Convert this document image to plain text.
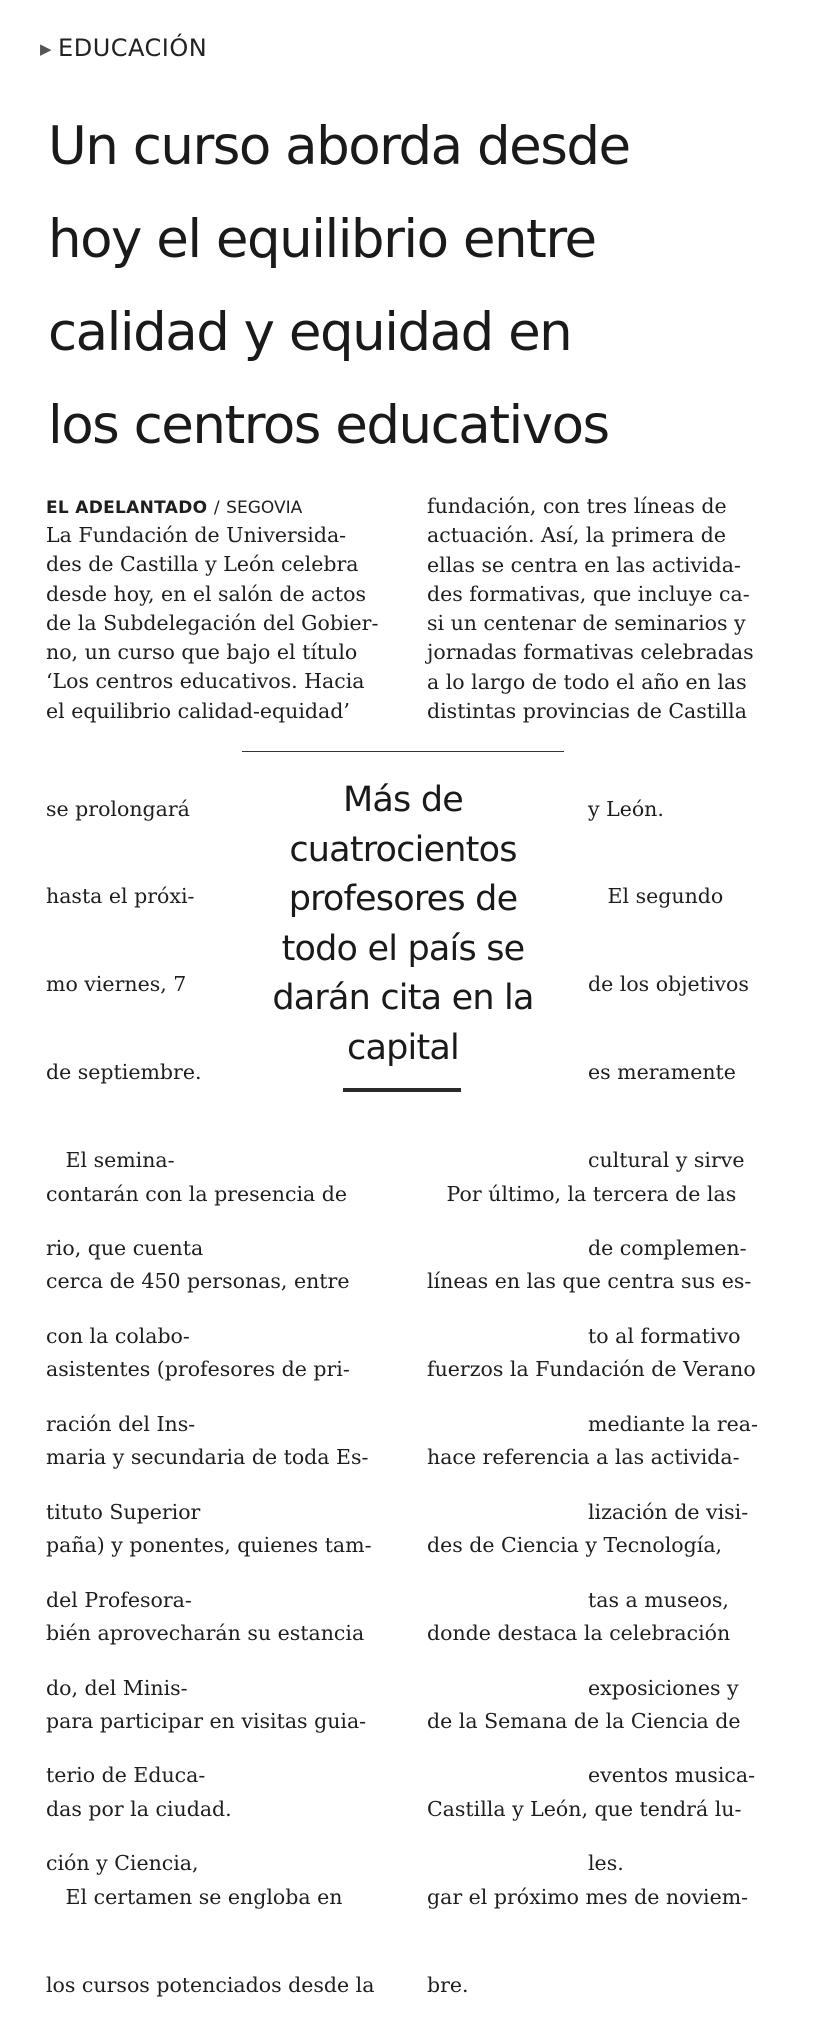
▶ EDUCACIÓN
Un curso aborda desde
hoy el equilibrio entre
calidad y equidad en
los centros educativos
EL ADELANTADO / SEGOVIA
La Fundación de Universida-
des de Castilla y León celebra
desde hoy, en el salón de actos
de la Subdelegación del Gobier-
no, un curso que bajo el título
‘Los centros educativos. Hacia
el equilibrio calidad-equidad’

se prolongará

hasta el próxi-

mo viernes, 7

de septiembre.

El semina-

rio, que cuenta

con la colabo-

ración del Ins-

tituto Superior

del Profesora-

do, del Minis-

terio de Educa-

ción y Ciencia,

contarán con la presencia de

cerca de 450 personas, entre

asistentes (profesores de pri-

maria y secundaria de toda Es-

paña) y ponentes, quienes tam-

bién aprovecharán su estancia

para participar en visitas guia-

das por la ciudad.

El certamen se engloba en

los cursos potenciados desde la

fundación, con tres líneas de
actuación. Así, la primera de
ellas se centra en las activida-
des formativas, que incluye ca-
si un centenar de seminarios y
jornadas formativas celebradas
a lo largo de todo el año en las
distintas provincias de Castilla

y León.

El segundo

de los objetivos

es meramente

cultural y sirve

de complemen-

to al formativo

mediante la rea-

lización de visi-

tas a museos,

exposiciones y

eventos musica-

les.

Por último, la tercera de las

líneas en las que centra sus es-

fuerzos la Fundación de Verano

hace referencia a las activida-

des de Ciencia y Tecnología,

donde destaca la celebración

de la Semana de la Ciencia de

Castilla y León, que tendrá lu-

gar el próximo mes de noviem-

bre.

Más de
cuatrocientos
profesores de
todo el país se
darán cita en la
capital
